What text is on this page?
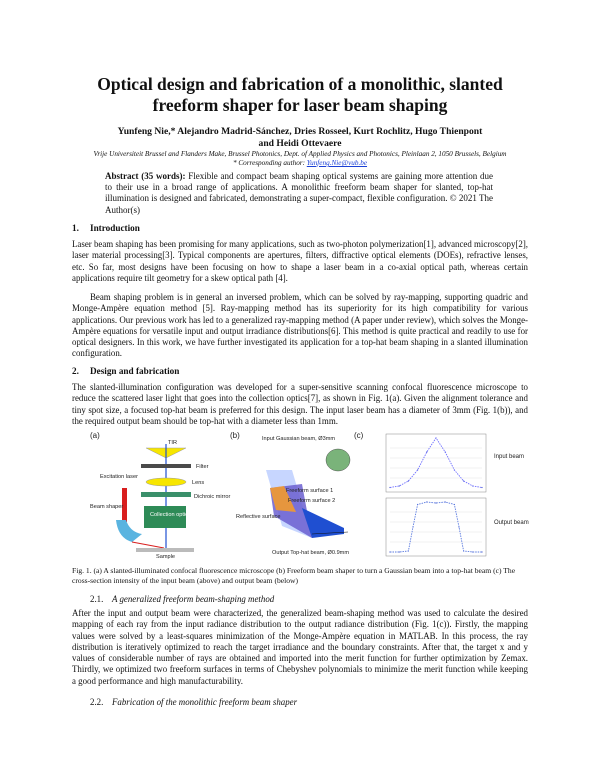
Optical design and fabrication of a monolithic, slanted
freeform shaper for laser beam shaping
Yunfeng Nie,* Alejandro Madrid-Sánchez, Dries Rosseel, Kurt Rochlitz, Hugo Thienpont
and Heidi Ottevaere
Vrije Universiteit Brussel and Flanders Make, Brussel Photonics, Dept. of Applied Physics and Photonics, Pleinlaan 2, 1050 Brussels, Belgium
* Corresponding author: Yunfeng.Nie@vub.be
Abstract (35 words): Flexible and compact beam shaping optical systems are gaining more attention due to their use in a broad range of applications. A monolithic freeform beam shaper for slanted, top-hat illumination is designed and fabricated, demonstrating a super-compact, flexible configuration. © 2021 The Author(s)
1. Introduction
Laser beam shaping has been promising for many applications, such as two-photon polymerization[1], advanced microscopy[2], laser material processing[3]. Typical components are apertures, filters, diffractive optical elements (DOEs), refractive lenses, etc. So far, most designs have been focusing on how to shape a laser beam in a co-axial optical path, whereas certain applications require tilt geometry for a skew optical path [4].
Beam shaping problem is in general an inversed problem, which can be solved by ray-mapping, supporting quadric and Monge-Ampère equation method [5]. Ray-mapping method has its superiority for its high compatibility for various applications. Our previous work has led to a generalized ray-mapping method (A paper under review), which solves the Monge-Ampère equations for versatile input and output irradiance distributions[6]. This method is quite practical and readily to use for optical designers. In this work, we have further investigated its application for a top-hat beam shaping in a slanted illumination configuration.
2. Design and fabrication
The slanted-illumination configuration was developed for a super-sensitive scanning confocal fluorescence microscope to reduce the scattered laser light that goes into the collection optics[7], as shown in Fig. 1(a). Given the alignment tolerance and tiny spot size, a focused top-hat beam is preferred for this design. The input laser beam has a diameter of 3mm (Fig. 1(b)), and the required output beam should be top-hat with a diameter less than 1mm.
(a)
TIR
Filter
Excitation laser
Lens
Dichroic mirror
Collection optics
Beam shaper
Sample
(b)	Input Gaussian beam, Ø3mm
Freeform surface 1
Freeform surface 2
Reflective surface
Output Top-hat beam, Ø0.9mm
(c)
Input beam
Output beam
Fig. 1. (a) A slanted-illuminated confocal fluorescence microscope (b) Freeform beam shaper to turn a Gaussian beam into a top-hat beam (c) The cross-section intensity of the input beam (above) and output beam (below)
2.1. A generalized freeform beam-shaping method
After the input and output beam were characterized, the generalized beam-shaping method was used to calculate the desired mapping of each ray from the input radiance distribution to the output radiance distribution (Fig. 1(c)). Firstly, the mapping values were solved by a least-squares minimization of the Monge-Ampère equation in MATLAB. In this process, the ray distribution is iteratively optimized to reach the target irradiance and the boundary constraints. After that, the target x and y values of considerable number of rays are obtained and imported into the merit function for further optimization by Zemax. Thirdly, we optimized two freeform surfaces in terms of Chebyshev polynomials to minimize the merit function while keeping a good performance and high manufacturability.
2.2. Fabrication of the monolithic freeform beam shaper
